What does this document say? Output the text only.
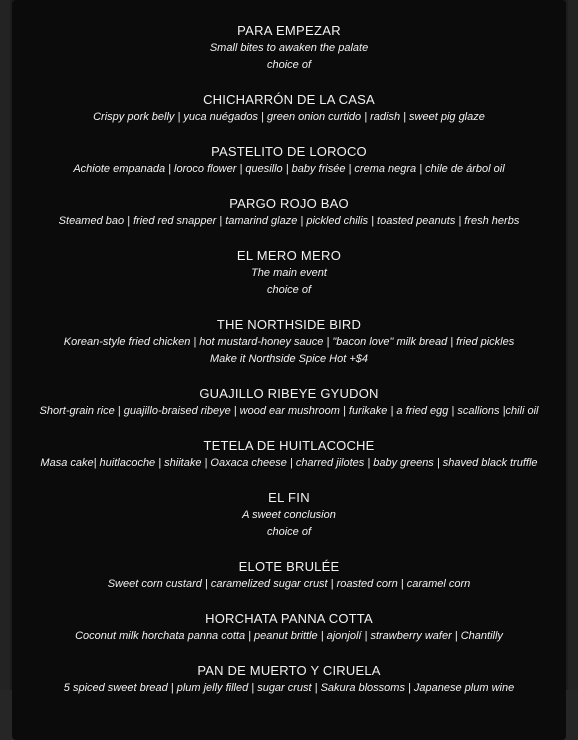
PARA EMPEZAR
Small bites to awaken the palate
choice of
CHICHARRÓN DE LA CASA
Crispy pork belly | yuca nuégados | green onion curtido | radish | sweet pig glaze
PASTELITO DE LOROCO
Achiote empanada | loroco flower | quesillo | baby frisée | crema negra | chile de árbol oil
PARGO ROJO BAO
Steamed bao | fried red snapper | tamarind glaze | pickled chilis | toasted peanuts | fresh herbs
EL MERO MERO
The main event
choice of
THE NORTHSIDE BIRD
Korean-style fried chicken | hot mustard-honey sauce | "bacon love" milk bread | fried pickles
Make it Northside Spice Hot +$4
GUAJILLO RIBEYE GYUDON
Short-grain rice | guajillo-braised ribeye | wood ear mushroom | furikake | a fried egg | scallions |chili oil
TETELA DE HUITLACOCHE
Masa cake| huitlacoche | shiitake | Oaxaca cheese | charred jilotes | baby greens | shaved black truffle
EL FIN
A sweet conclusion
choice of
ELOTE BRULÉE
Sweet corn custard | caramelized sugar crust | roasted corn | caramel corn
HORCHATA PANNA COTTA
Coconut milk horchata panna cotta | peanut brittle | ajonjolí | strawberry wafer | Chantilly
PAN DE MUERTO Y CIRUELA
5 spiced sweet bread | plum jelly filled | sugar crust | Sakura blossoms | Japanese plum wine
